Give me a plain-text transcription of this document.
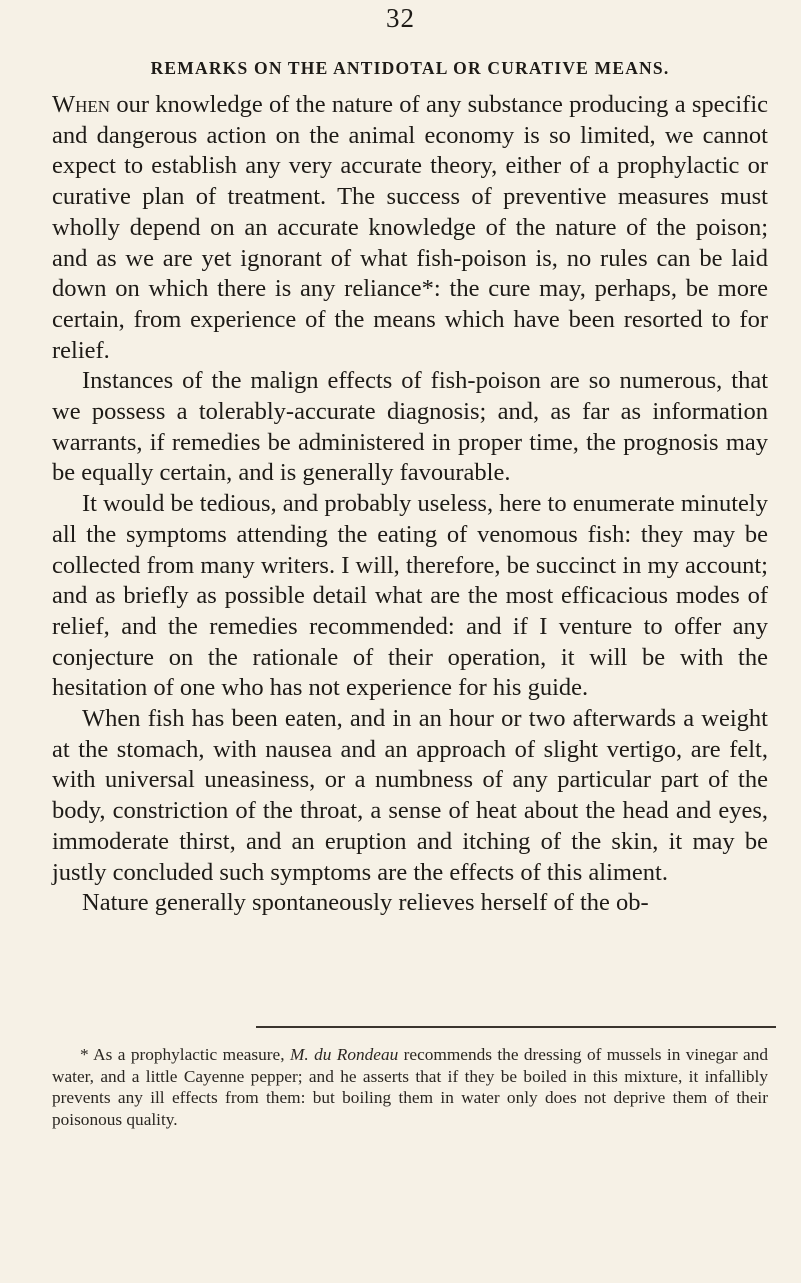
32
REMARKS ON THE ANTIDOTAL OR CURATIVE MEANS.

When our knowledge of the nature of any substance producing a specific and dangerous action on the animal economy is so limited, we cannot expect to establish any very accurate theory, either of a prophylactic or curative plan of treatment. The success of preventive measures must wholly depend on an accurate knowledge of the nature of the poison; and as we are yet ignorant of what fish-poison is, no rules can be laid down on which there is any reliance*: the cure may, perhaps, be more certain, from experience of the means which have been resorted to for relief.

Instances of the malign effects of fish-poison are so numerous, that we possess a tolerably-accurate diagnosis; and, as far as information warrants, if remedies be administered in proper time, the prognosis may be equally certain, and is generally favourable.

It would be tedious, and probably useless, here to enumerate minutely all the symptoms attending the eating of venomous fish: they may be collected from many writers. I will, therefore, be succinct in my account; and as briefly as possible detail what are the most efficacious modes of relief, and the remedies recommended: and if I venture to offer any conjecture on the rationale of their operation, it will be with the hesitation of one who has not experience for his guide.

When fish has been eaten, and in an hour or two afterwards a weight at the stomach, with nausea and an approach of slight vertigo, are felt, with universal uneasiness, or a numbness of any particular part of the body, constriction of the throat, a sense of heat about the head and eyes, immoderate thirst, and an eruption and itching of the skin, it may be justly concluded such symptoms are the effects of this aliment.

Nature generally spontaneously relieves herself of the ob-

* As a prophylactic measure, M. du Rondeau recommends the dressing of mussels in vinegar and water, and a little Cayenne pepper; and he asserts that if they be boiled in this mixture, it infallibly prevents any ill effects from them: but boiling them in water only does not deprive them of their poisonous quality.
